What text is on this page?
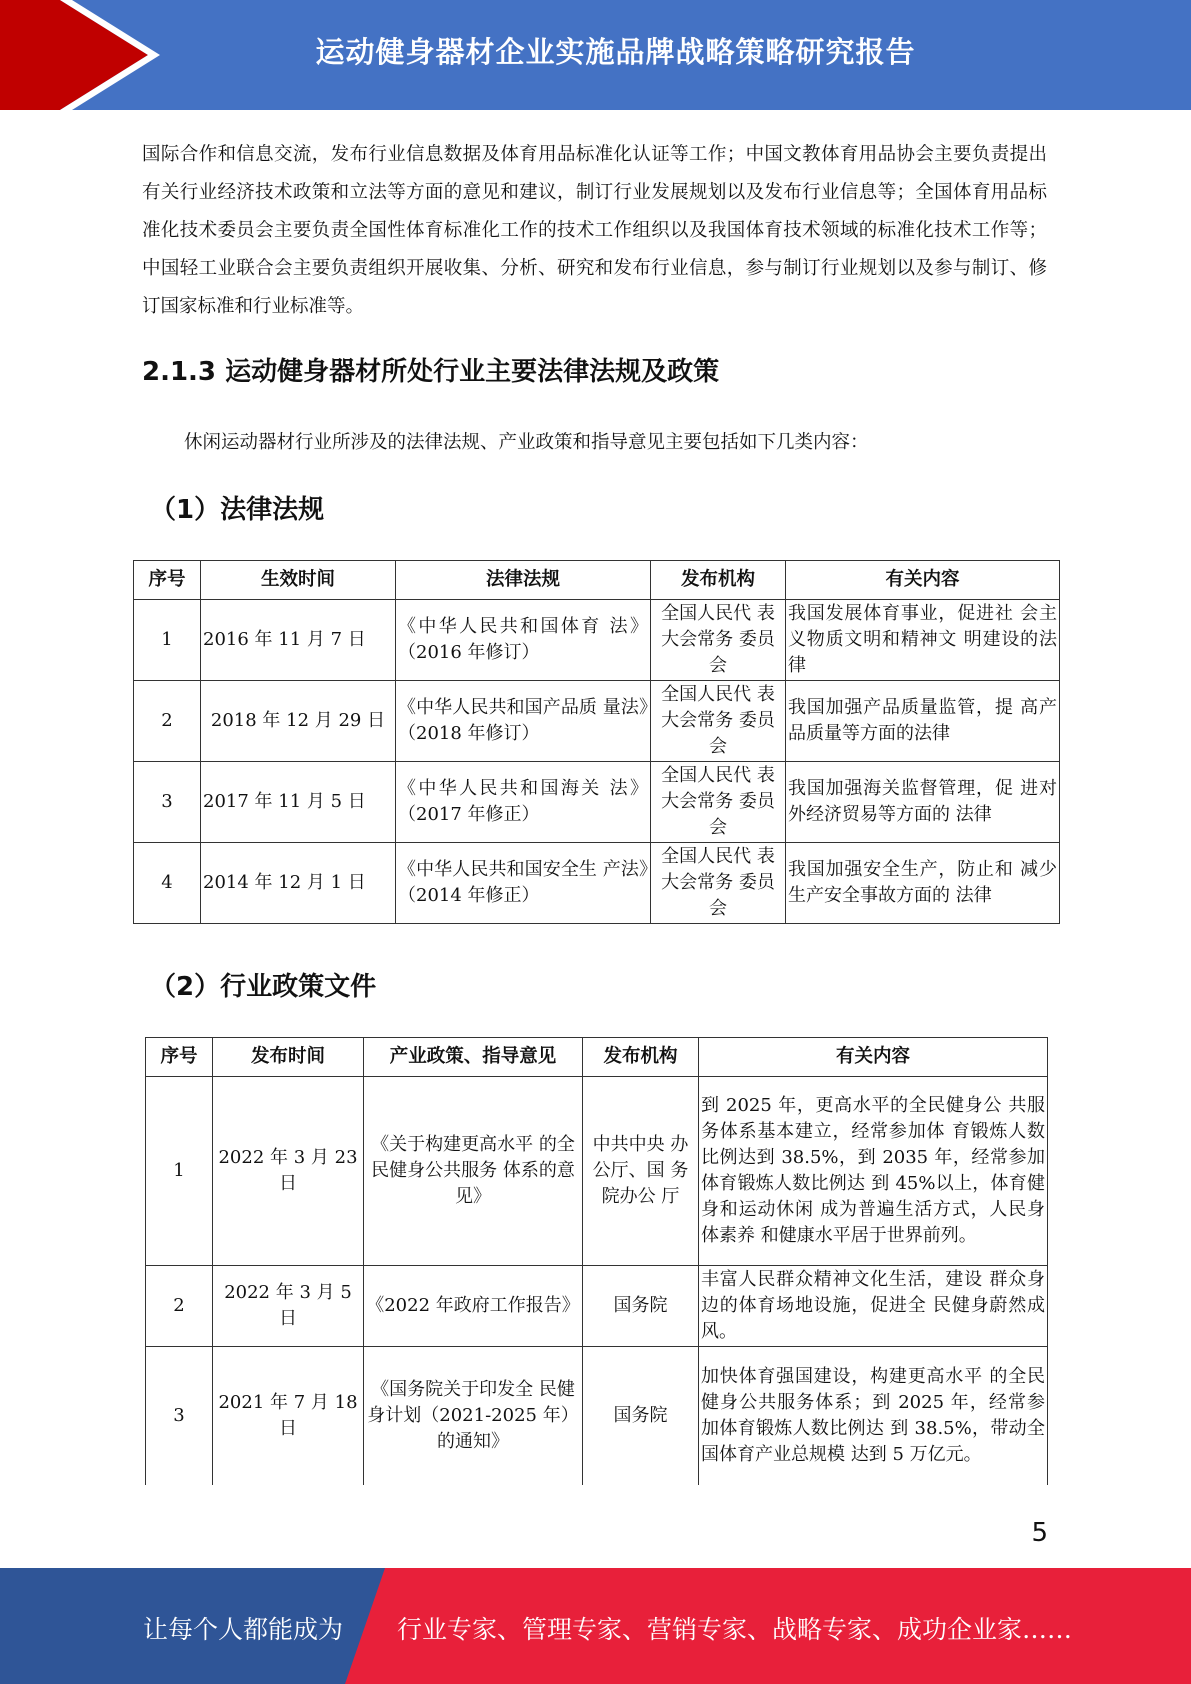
运动健身器材企业实施品牌战略策略研究报告

国际合作和信息交流，发布行业信息数据及体育用品标准化认证等工作；中国文教体育用品协会主要负责提出有关行业经济技术政策和立法等方面的意见和建议，制订行业发展规划以及发布行业信息等；全国体育用品标准化技术委员会主要负责全国性体育标准化工作的技术工作组织以及我国体育技术领域的标准化技术工作等；中国轻工业联合会主要负责组织开展收集、分析、研究和发布行业信息，参与制订行业规划以及参与制订、修订国家标准和行业标准等。

2.1.3 运动健身器材所处行业主要法律法规及政策

休闲运动器材行业所涉及的法律法规、产业政策和指导意见主要包括如下几类内容：

（1）法律法规
序号	生效时间	法律法规	发布机构	有关内容
1	2016 年 11 月 7 日	《中华人民共和国体育 法》（2016 年修订）	全国人民代 表大会常务 委员会	我国发展体育事业，促进社 会主义物质文明和精神文 明建设的法律
2	2018 年 12 月 29 日	《中华人民共和国产品质 量法》（2018 年修订）	全国人民代 表大会常务 委员会	我国加强产品质量监管，提 高产品质量等方面的法律
3	2017 年 11 月 5 日	《中华人民共和国海关 法》（2017 年修正）	全国人民代 表大会常务 委员会	我国加强海关监督管理，促 进对外经济贸易等方面的 法律
4	2014 年 12 月 1 日	《中华人民共和国安全生 产法》（2014 年修正）	全国人民代 表大会常务 委员会	我国加强安全生产，防止和 减少生产安全事故方面的 法律
（2）行业政策文件
序号	发布时间	产业政策、指导意见	发布机构	有关内容
1	2022 年 3 月 23 日	《关于构建更高水平 的全民健身公共服务 体系的意见》	中共中央 办公厅、国 务院办公 厅	到 2025 年，更高水平的全民健身公 共服务体系基本建立，经常参加体 育锻炼人数比例达到 38.5%，到 2035 年，经常参加体育锻炼人数比例达 到 45%以上，体育健身和运动休闲 成为普遍生活方式，人民身体素养 和健康水平居于世界前列。
2	2022 年 3 月 5 日	《2022 年政府工作报告》	国务院	丰富人民群众精神文化生活，建设 群众身边的体育场地设施，促进全 民健身蔚然成风。
3	2021 年 7 月 18 日	《国务院关于印发全 民健身计划（2021-2025 年）的通知》	国务院	加快体育强国建设，构建更高水平 的全民健身公共服务体系；到 2025 年，经常参加体育锻炼人数比例达 到 38.5%，带动全国体育产业总规模 达到 5 万亿元。
5
让每个人都能成为 行业专家、管理专家、营销专家、战略专家、成功企业家……
